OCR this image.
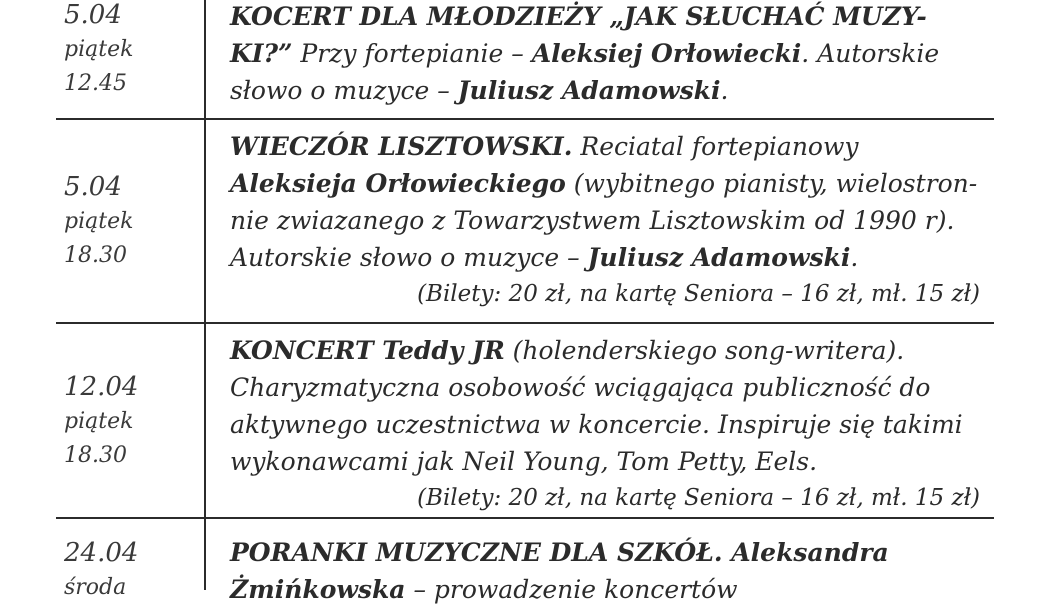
5.04
piątek
12.45
KOCERT DLA MŁODZIEŻY „JAK SŁUCHAĆ MUZY-
KI?” Przy fortepianie – Aleksiej Orłowiecki. Autorskie
słowo o muzyce – Juliusz Adamowski.
5.04
piątek
18.30
WIECZÓR LISZTOWSKI. Reciatal fortepianowy
Aleksieja Orłowieckiego (wybitnego pianisty, wielostron-
nie zwiazanego z Towarzystwem Lisztowskim od 1990 r).
Autorskie słowo o muzyce – Juliusz Adamowski.
(Bilety: 20 zł, na kartę Seniora – 16 zł, mł. 15 zł)
12.04
piątek
18.30
KONCERT Teddy JR (holenderskiego song-writera).
Charyzmatyczna osobowość wciągająca publiczność do
aktywnego uczestnictwa w koncercie. Inspiruje się takimi
wykonawcami jak Neil Young, Tom Petty, Eels.
(Bilety: 20 zł, na kartę Seniora – 16 zł, mł. 15 zł)
24.04
środa
PORANKI MUZYCZNE DLA SZKÓŁ. Aleksandra
Żmińkowska – prowadzenie koncertów
